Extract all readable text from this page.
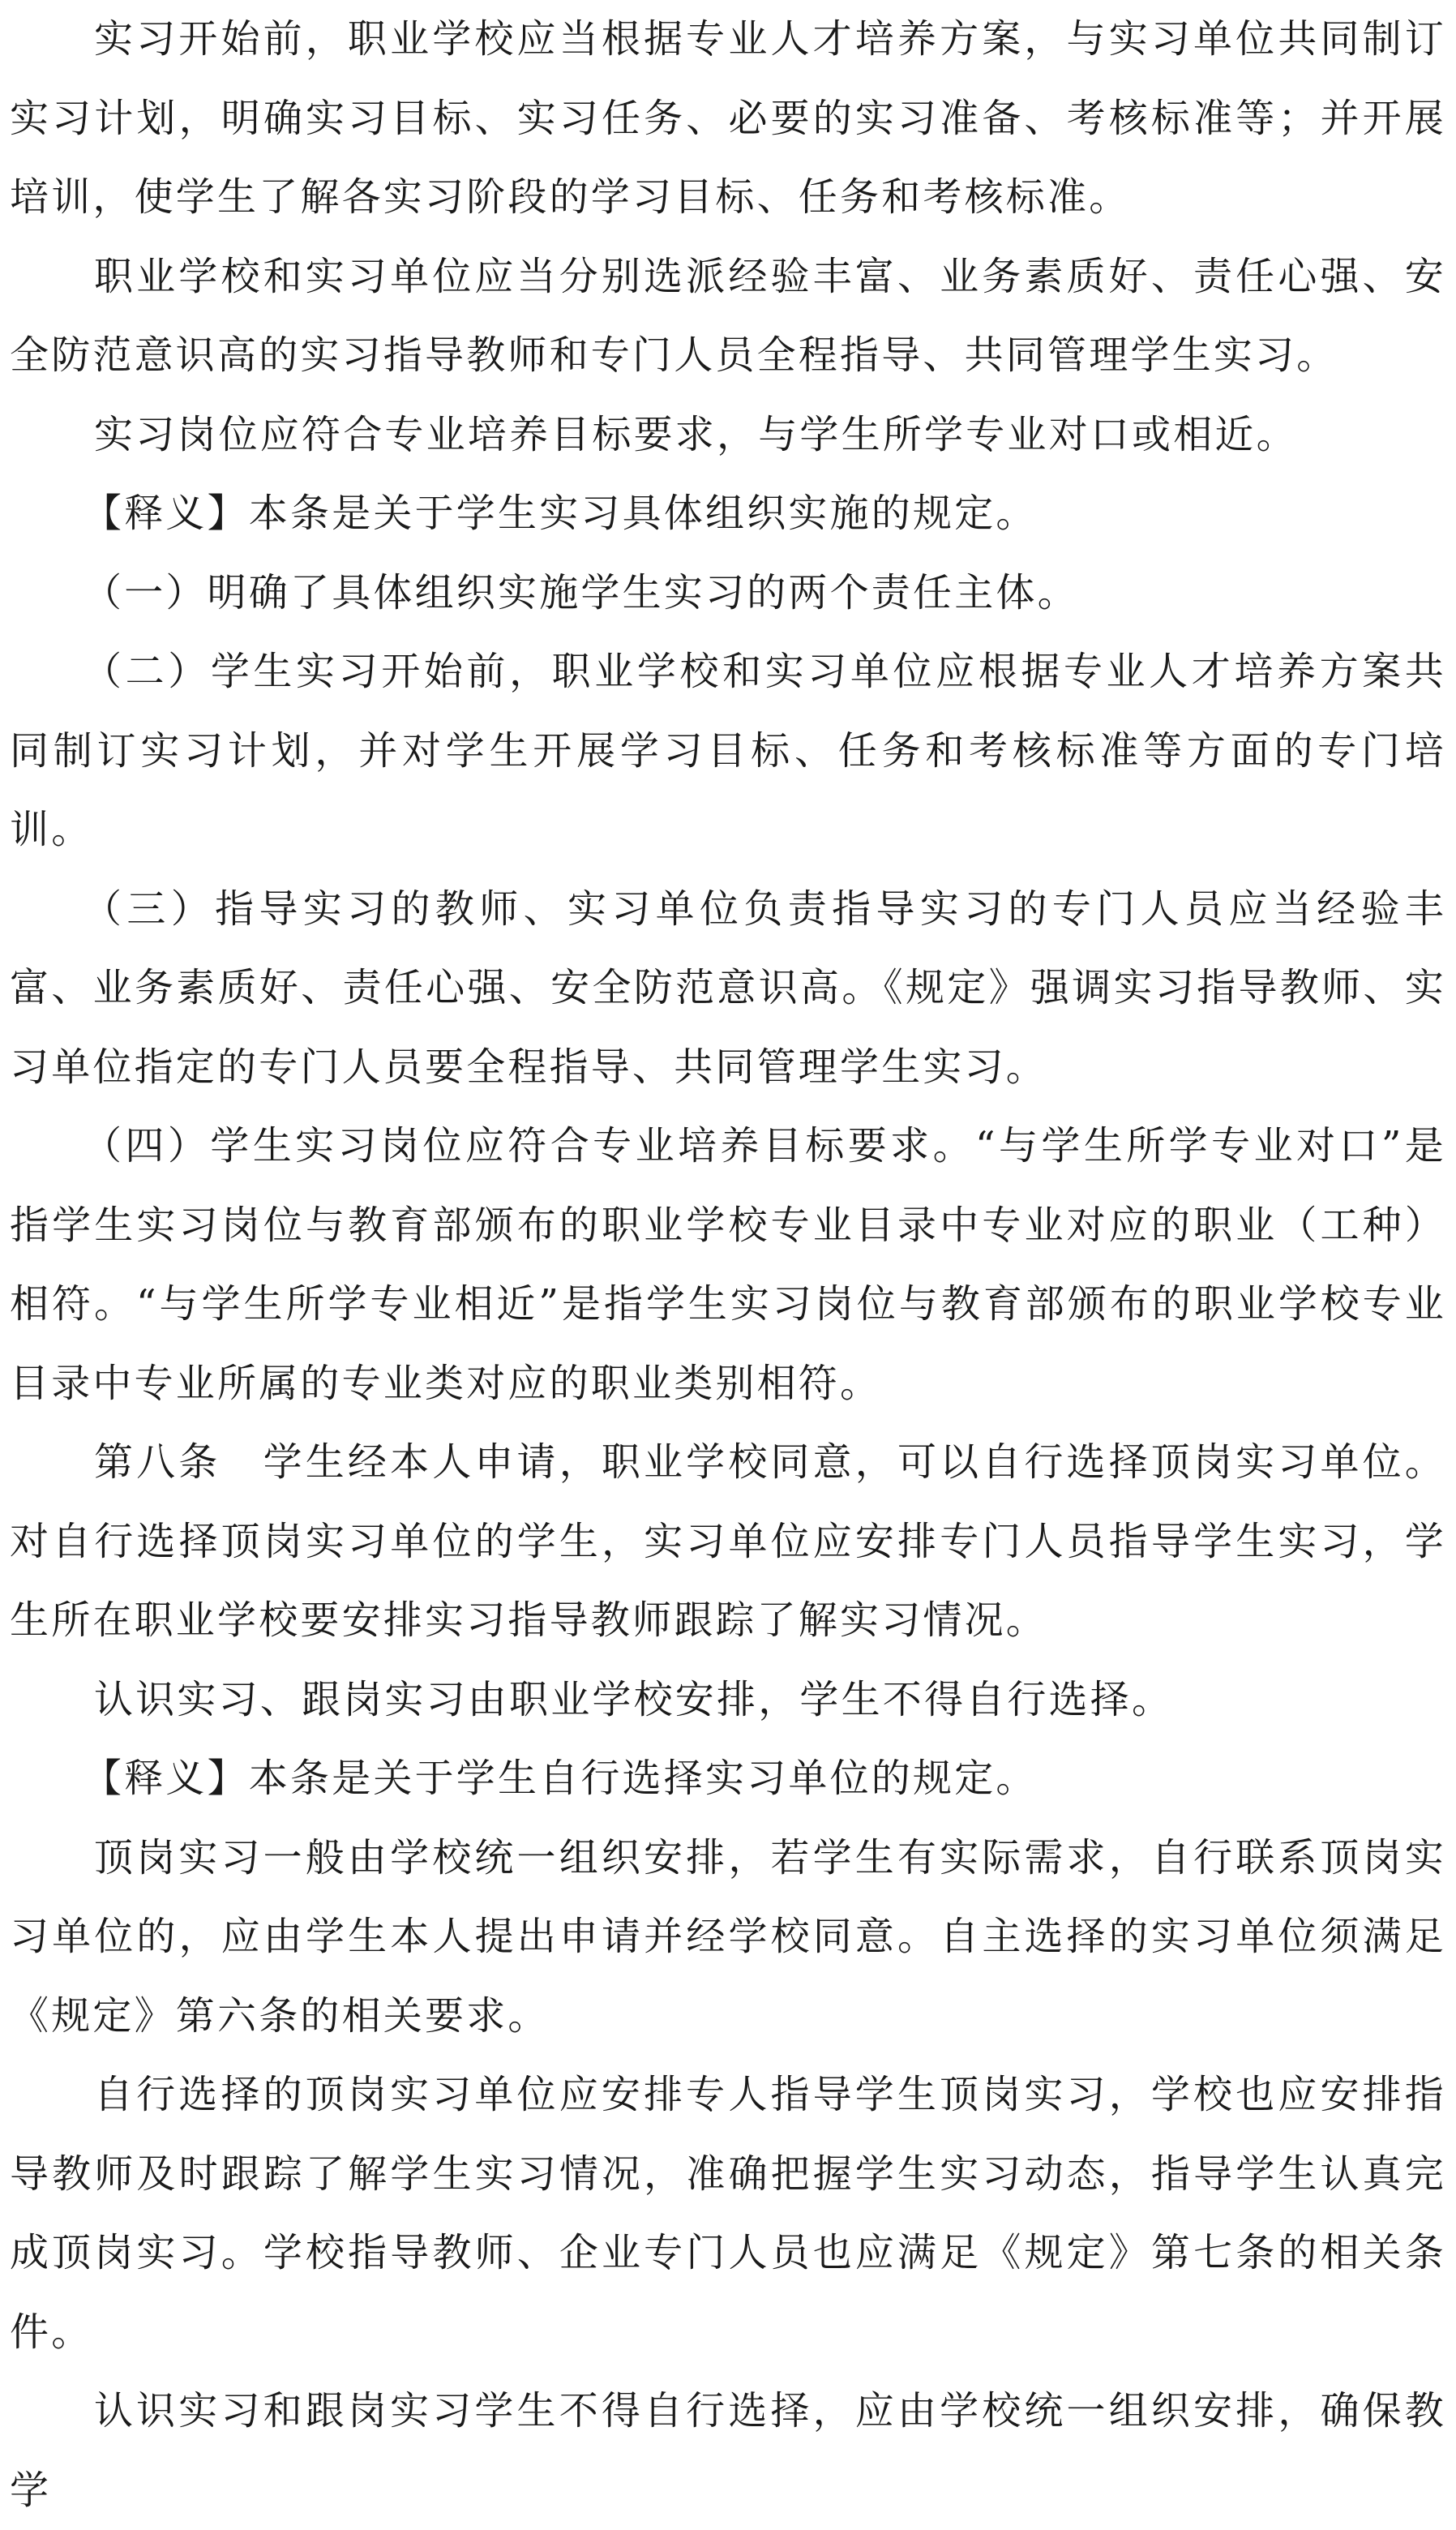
实习开始前，职业学校应当根据专业人才培养方案，与实习单位共同制订实习计划，明确实习目标、实习任务、必要的实习准备、考核标准等；并开展培训，使学生了解各实习阶段的学习目标、任务和考核标准。

职业学校和实习单位应当分别选派经验丰富、业务素质好、责任心强、安全防范意识高的实习指导教师和专门人员全程指导、共同管理学生实习。

实习岗位应符合专业培养目标要求，与学生所学专业对口或相近。

【释义】本条是关于学生实习具体组织实施的规定。

（一）明确了具体组织实施学生实习的两个责任主体。

（二）学生实习开始前，职业学校和实习单位应根据专业人才培养方案共同制订实习计划，并对学生开展学习目标、任务和考核标准等方面的专门培训。

（三）指导实习的教师、实习单位负责指导实习的专门人员应当经验丰富、业务素质好、责任心强、安全防范意识高。《规定》强调实习指导教师、实习单位指定的专门人员要全程指导、共同管理学生实习。

（四）学生实习岗位应符合专业培养目标要求。“与学生所学专业对口”是指学生实习岗位与教育部颁布的职业学校专业目录中专业对应的职业（工种）相符。“与学生所学专业相近”是指学生实习岗位与教育部颁布的职业学校专业目录中专业所属的专业类对应的职业类别相符。

第八条　学生经本人申请，职业学校同意，可以自行选择顶岗实习单位。对自行选择顶岗实习单位的学生，实习单位应安排专门人员指导学生实习，学生所在职业学校要安排实习指导教师跟踪了解实习情况。

认识实习、跟岗实习由职业学校安排，学生不得自行选择。

【释义】本条是关于学生自行选择实习单位的规定。

顶岗实习一般由学校统一组织安排，若学生有实际需求，自行联系顶岗实习单位的，应由学生本人提出申请并经学校同意。自主选择的实习单位须满足《规定》第六条的相关要求。

自行选择的顶岗实习单位应安排专人指导学生顶岗实习，学校也应安排指导教师及时跟踪了解学生实习情况，准确把握学生实习动态，指导学生认真完成顶岗实习。学校指导教师、企业专门人员也应满足《规定》第七条的相关条件。

认识实习和跟岗实习学生不得自行选择，应由学校统一组织安排，确保教学
